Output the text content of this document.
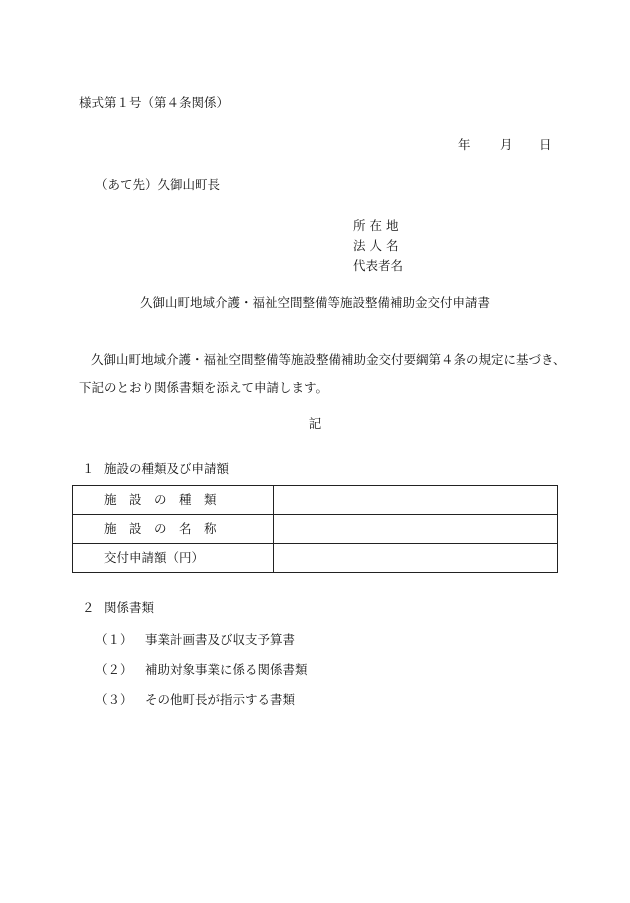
様式第１号（第４条関係）
年 月 日
（あて先）久御山町長
所 在 地
法 人 名
代表者名
久御山町地域介護・福祉空間整備等施設整備補助金交付申請書
久御山町地域介護・福祉空間整備等施設整備補助金交付要綱第４条の規定に基づき、下記のとおり関係書類を添えて申請します。
記
１ 施設の種類及び申請額
施　設　の　種　類	
施　設　の　名　称	
交付申請額（円）	
２ 関係書類
（１） 事業計画書及び収支予算書
（２） 補助対象事業に係る関係書類
（３） その他町長が指示する書類
